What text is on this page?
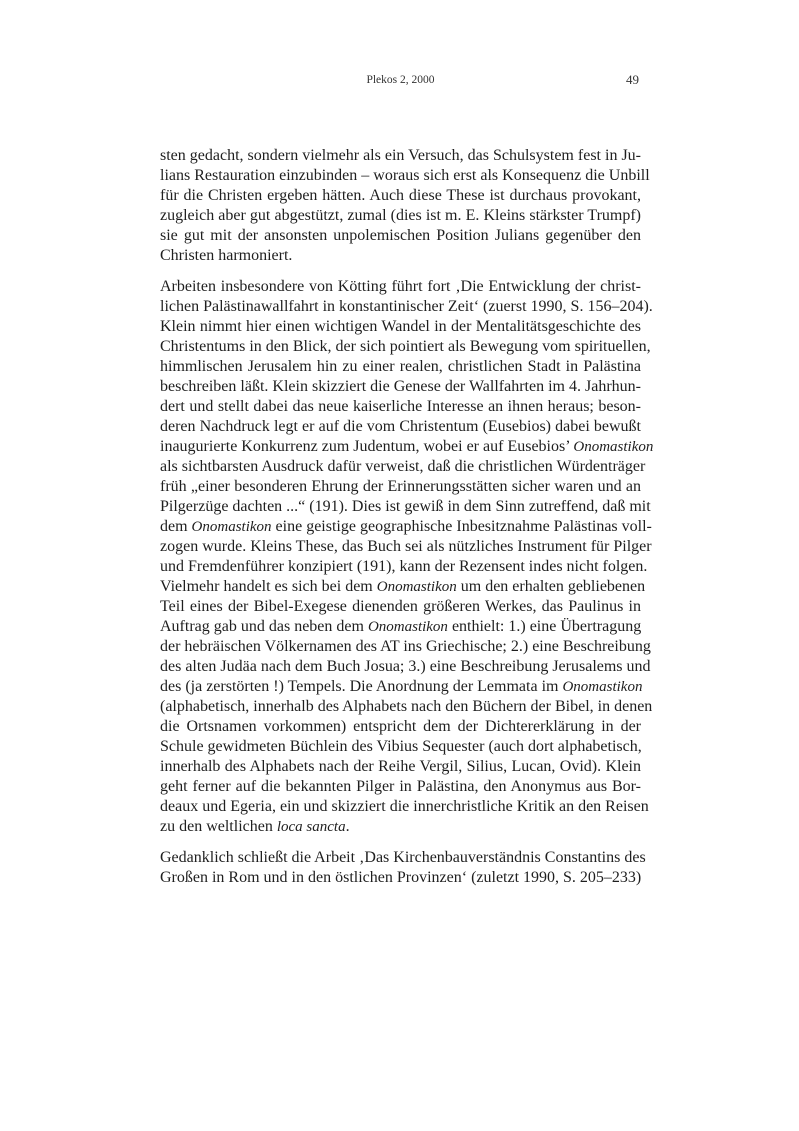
Plekos 2, 2000	49
sten gedacht, sondern vielmehr als ein Versuch, das Schulsystem fest in Ju-
lians Restauration einzubinden – woraus sich erst als Konsequenz die Unbill
für die Christen ergeben hätten. Auch diese These ist durchaus provokant,
zugleich aber gut abgestützt, zumal (dies ist m. E. Kleins stärkster Trumpf)
sie gut mit der ansonsten unpolemischen Position Julians gegenüber den
Christen harmoniert.
Arbeiten insbesondere von Kötting führt fort ‚Die Entwicklung der christ-
lichen Palästinawallfahrt in konstantinischer Zeit‘ (zuerst 1990, S. 156–204).
Klein nimmt hier einen wichtigen Wandel in der Mentalitätsgeschichte des
Christentums in den Blick, der sich pointiert als Bewegung vom spirituellen,
himmlischen Jerusalem hin zu einer realen, christlichen Stadt in Palästina
beschreiben läßt. Klein skizziert die Genese der Wallfahrten im 4. Jahrhun-
dert und stellt dabei das neue kaiserliche Interesse an ihnen heraus; beson-
deren Nachdruck legt er auf die vom Christentum (Eusebios) dabei bewußt
inaugurierte Konkurrenz zum Judentum, wobei er auf Eusebios’ Onomastikon
als sichtbarsten Ausdruck dafür verweist, daß die christlichen Würdenträger
früh „einer besonderen Ehrung der Erinnerungsstätten sicher waren und an
Pilgerzüge dachten ...“ (191). Dies ist gewiß in dem Sinn zutreffend, daß mit
dem Onomastikon eine geistige geographische Inbesitznahme Palästinas voll-
zogen wurde. Kleins These, das Buch sei als nützliches Instrument für Pilger
und Fremdenführer konzipiert (191), kann der Rezensent indes nicht folgen.
Vielmehr handelt es sich bei dem Onomastikon um den erhalten gebliebenen
Teil eines der Bibel-Exegese dienenden größeren Werkes, das Paulinus in
Auftrag gab und das neben dem Onomastikon enthielt: 1.) eine Übertragung
der hebräischen Völkernamen des AT ins Griechische; 2.) eine Beschreibung
des alten Judäa nach dem Buch Josua; 3.) eine Beschreibung Jerusalems und
des (ja zerstörten !) Tempels. Die Anordnung der Lemmata im Onomastikon
(alphabetisch, innerhalb des Alphabets nach den Büchern der Bibel, in denen
die Ortsnamen vorkommen) entspricht dem der Dichtererklärung in der
Schule gewidmeten Büchlein des Vibius Sequester (auch dort alphabetisch,
innerhalb des Alphabets nach der Reihe Vergil, Silius, Lucan, Ovid). Klein
geht ferner auf die bekannten Pilger in Palästina, den Anonymus aus Bor-
deaux und Egeria, ein und skizziert die innerchristliche Kritik an den Reisen
zu den weltlichen loca sancta.
Gedanklich schließt die Arbeit ‚Das Kirchenbauverständnis Constantins des
Großen in Rom und in den östlichen Provinzen‘ (zuletzt 1990, S. 205–233)
